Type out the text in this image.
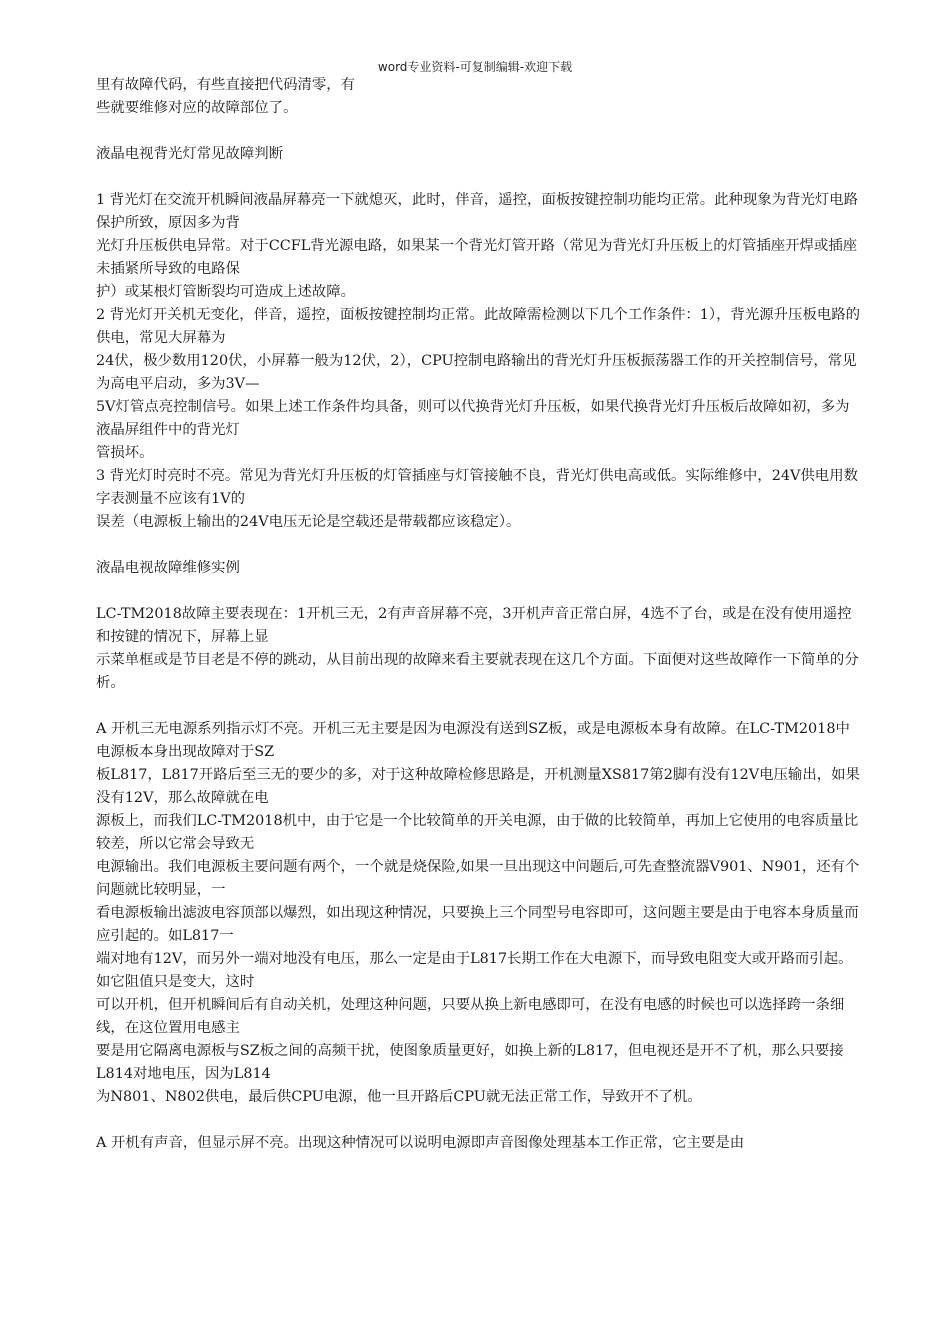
word专业资料-可复制编辑-欢迎下载
里有故障代码，有些直接把代码清零，有
些就要维修对应的故障部位了。
液晶电视背光灯常见故障判断
1 背光灯在交流开机瞬间液晶屏幕亮一下就熄灭，此时，伴音，遥控，面板按键控制功能均正常。此种现象为背光灯电路保护所致，原因多为背
光灯升压板供电异常。对于CCFL背光源电路，如果某一个背光灯管开路（常见为背光灯升压板上的灯管插座开焊或插座未插紧所导致的电路保
护）或某根灯管断裂均可造成上述故障。
2 背光灯开关机无变化，伴音，遥控，面板按键控制均正常。此故障需检测以下几个工作条件：1），背光源升压板电路的供电，常见大屏幕为
24伏，极少数用120伏，小屏幕一般为12伏，2），CPU控制电路输出的背光灯升压板振荡器工作的开关控制信号，常见为高电平启动，多为3V—
5V灯管点亮控制信号。如果上述工作条件均具备，则可以代换背光灯升压板，如果代换背光灯升压板后故障如初，多为液晶屏组件中的背光灯
管损坏。
3 背光灯时亮时不亮。常见为背光灯升压板的灯管插座与灯管接触不良，背光灯供电高或低。实际维修中，24V供电用数字表测量不应该有1V的
误差（电源板上输出的24V电压无论是空载还是带载都应该稳定）。
液晶电视故障维修实例
LC-TM2018故障主要表现在：1开机三无，2有声音屏幕不亮，3开机声音正常白屏，4选不了台，或是在没有使用遥控和按键的情况下，屏幕上显
示菜单框或是节目老是不停的跳动，从目前出现的故障来看主要就表现在这几个方面。下面便对这些故障作一下简单的分析。
A 开机三无电源系列指示灯不亮。开机三无主要是因为电源没有送到SZ板，或是电源板本身有故障。在LC-TM2018中电源板本身出现故障对于SZ
板L817，L817开路后至三无的要少的多，对于这种故障检修思路是，开机测量XS817第2脚有没有12V电压输出，如果没有12V，那么故障就在电
源板上，而我们LC-TM2018机中，由于它是一个比较简单的开关电源，由于做的比较简单，再加上它使用的电容质量比较差，所以它常会导致无
电源输出。我们电源板主要问题有两个，一个就是烧保险,如果一旦出现这中问题后,可先查整流器V901、N901，还有个问题就比较明显，一
看电源板输出滤波电容顶部以爆烈，如出现这种情况，只要换上三个同型号电容即可，这问题主要是由于电容本身质量而应引起的。如L817一
端对地有12V，而另外一端对地没有电压，那么一定是由于L817长期工作在大电源下，而导致电阻变大或开路而引起。如它阻值只是变大，这时
可以开机，但开机瞬间后有自动关机，处理这种问题，只要从换上新电感即可，在没有电感的时候也可以选择跨一条细线，在这位置用电感主
要是用它隔离电源板与SZ板之间的高频干扰，使图象质量更好，如换上新的L817，但电视还是开不了机，那么只要接L814对地电压，因为L814
为N801、N802供电，最后供CPU电源，他一旦开路后CPU就无法正常工作，导致开不了机。
A 开机有声音，但显示屏不亮。出现这种情况可以说明电源即声音图像处理基本工作正常，它主要是由
